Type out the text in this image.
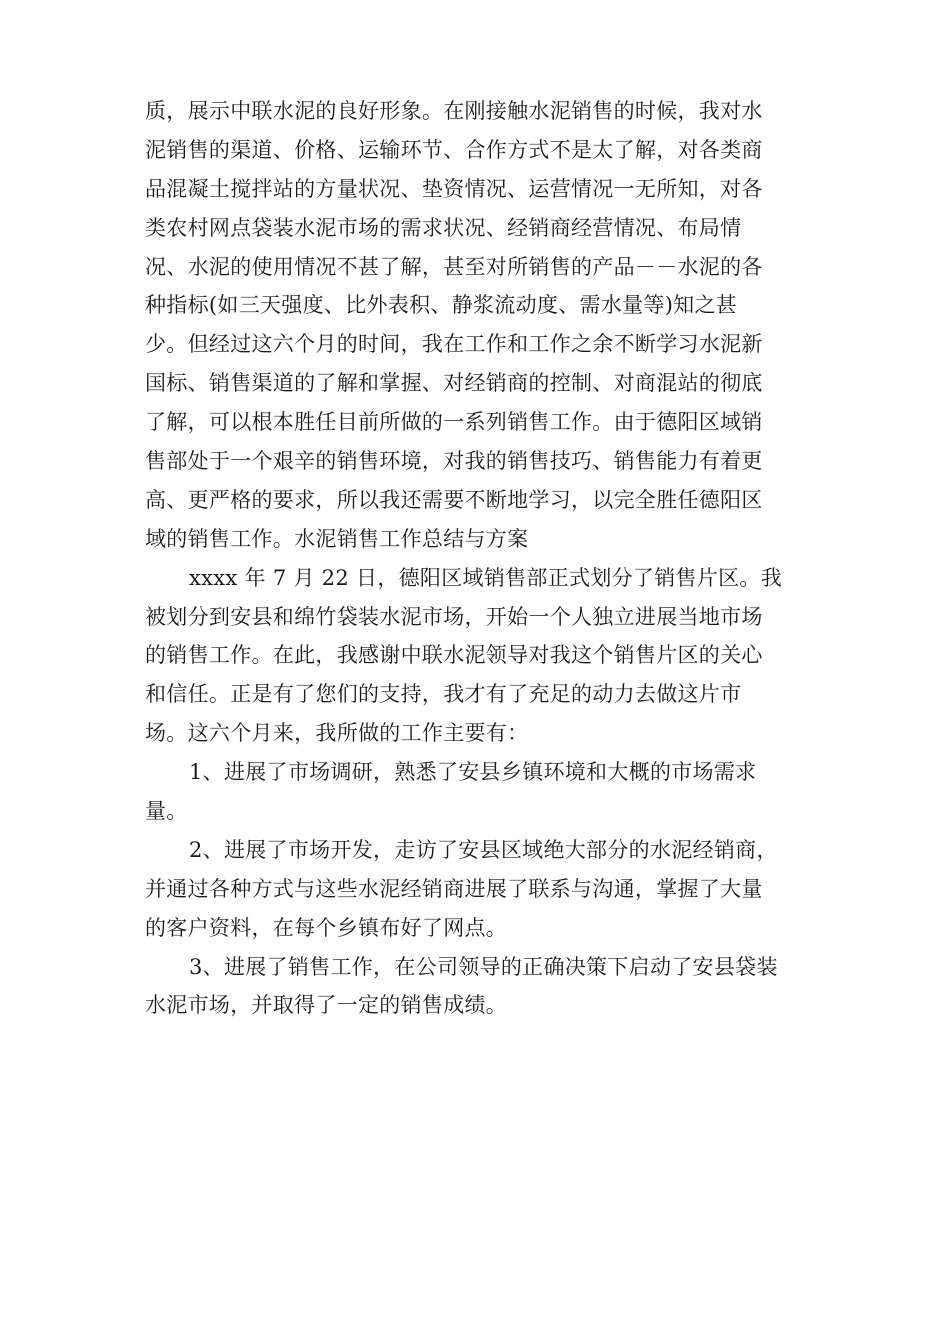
质，展示中联水泥的良好形象。在刚接触水泥销售的时候，我对水
泥销售的渠道、价格、运输环节、合作方式不是太了解，对各类商
品混凝土搅拌站的方量状况、垫资情况、运营情况一无所知，对各
类农村网点袋装水泥市场的需求状况、经销商经营情况、布局情
况、水泥的使用情况不甚了解，甚至对所销售的产品－－水泥的各
种指标(如三天强度、比外表积、静浆流动度、需水量等)知之甚
少。但经过这六个月的时间，我在工作和工作之余不断学习水泥新
国标、销售渠道的了解和掌握、对经销商的控制、对商混站的彻底
了解，可以根本胜任目前所做的一系列销售工作。由于德阳区域销
售部处于一个艰辛的销售环境，对我的销售技巧、销售能力有着更
高、更严格的要求，所以我还需要不断地学习，以完全胜任德阳区
域的销售工作。水泥销售工作总结与方案
xxxx 年 7 月 22 日，德阳区域销售部正式划分了销售片区。我
被划分到安县和绵竹袋装水泥市场，开始一个人独立进展当地市场
的销售工作。在此，我感谢中联水泥领导对我这个销售片区的关心
和信任。正是有了您们的支持，我才有了充足的动力去做这片市
场。这六个月来，我所做的工作主要有：
1、进展了市场调研，熟悉了安县乡镇环境和大概的市场需求
量。
2、进展了市场开发，走访了安县区域绝大部分的水泥经销商，
并通过各种方式与这些水泥经销商进展了联系与沟通，掌握了大量
的客户资料，在每个乡镇布好了网点。
3、进展了销售工作，在公司领导的正确决策下启动了安县袋装
水泥市场，并取得了一定的销售成绩。
